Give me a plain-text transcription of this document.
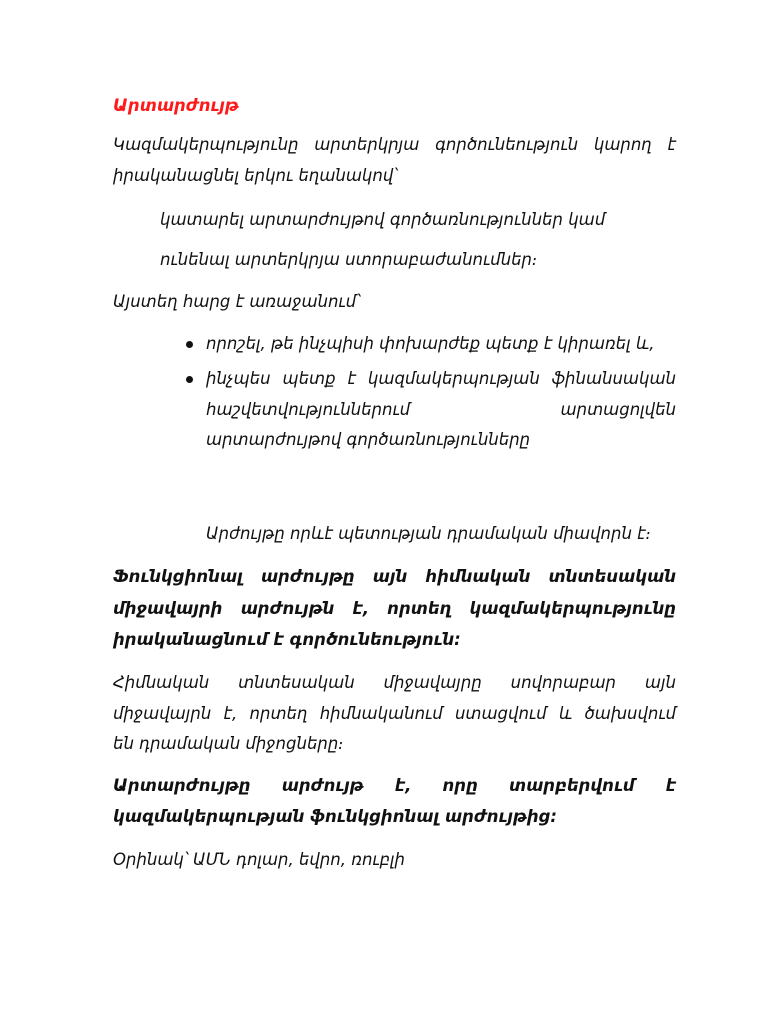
Արտարժույթ
Կազմակերպությունը արտերկրյա գործունեություն կարող է
իրականացնել երկու եղանակով՝
կատարել արտարժույթով գործառնություններ կամ
ունենալ արտերկրյա ստորաբաժանումներ։
Այստեղ հարց է առաջանում՝
որոշել, թե ինչպիսի փոխարժեք պետք է կիրառել և,
ինչպես պետք է կազմակերպության ֆինանսական
հաշվետվություններում արտացոլվեն
արտարժույթով գործառնությունները
Արժույթը որևէ պետության դրամական միավորն է։
Ֆունկցիոնալ արժույթը այն հիմնական տնտեսական
միջավայրի արժույթն է, որտեղ կազմակերպությունը
իրականացնում է գործունեություն:
Հիմնական տնտեսական միջավայրը սովորաբար այն
միջավայրն է, որտեղ հիմնականում ստացվում և ծախսվում
են դրամական միջոցները։
Արտարժույթը արժույթ է, որը տարբերվում է
կազմակերպության ֆունկցիոնալ արժույթից:
Օրինակ՝ ԱՄՆ դոլար, եվրո, ռուբլի
